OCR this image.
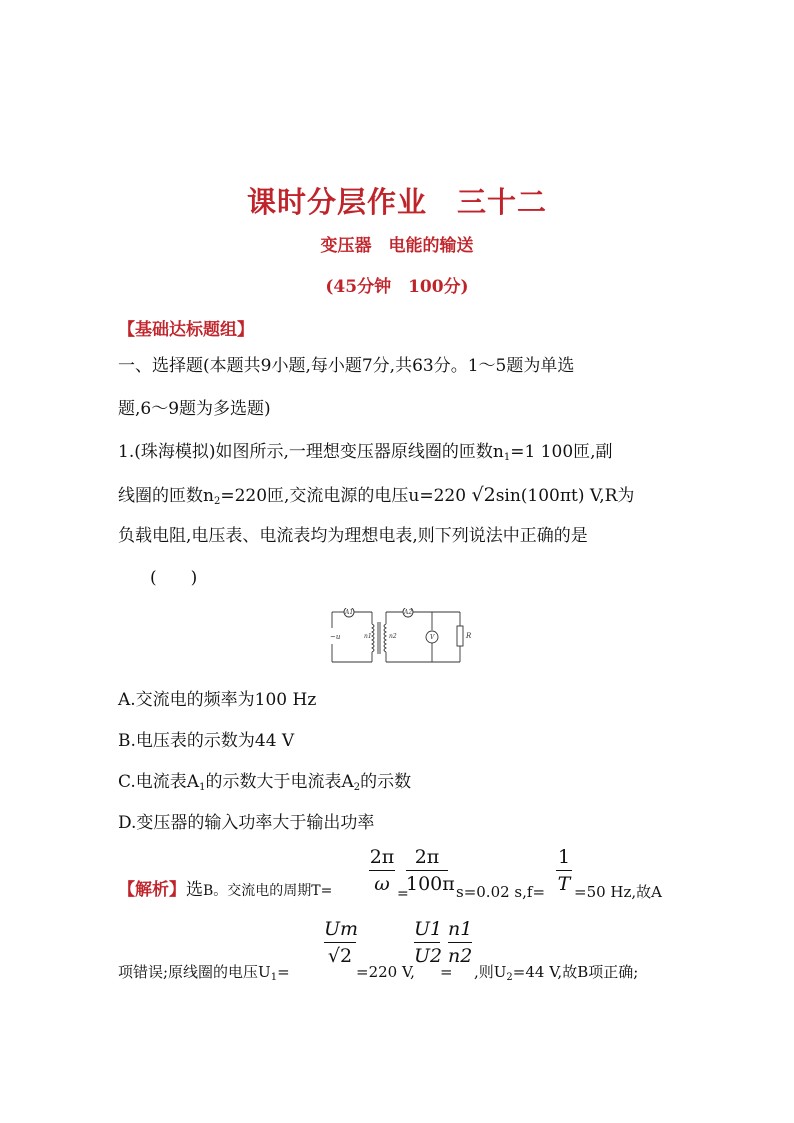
课时分层作业　三十二
变压器　电能的输送
(45分钟　100分)
【基础达标题组】
一、选择题(本题共9小题,每小题7分,共63分。1～5题为单选
题,6～9题为多选题)
1.(珠海模拟)如图所示,一理想变压器原线圈的匝数$n_1=1$ 100匝,副
线圈的匝数$n_2=220$匝,交流电源的电压u=220 √2sin(100πt) V,R为
负载电阻,电压表、电流表均为理想电表,则下列说法中正确的是
(　　)
A1	A2
V
~u	n1	n2	R
A.交流电的频率为100 Hz
B.电压表的示数为44 V
C.电流表$A_1$的示数大于电流表$A_2$的示数
D.变压器的输入功率大于输出功率
【解析】选B。交流电的周期T=
2π
ω =
2π
100π s=0.02 s,f=
1
T =50 Hz,故A
项错误;原线圈的电压$U_1=$
Um
√2
=220 V,
U1
U2
=
n1
n2
,则$U_2=44$ V,故B项正确;
